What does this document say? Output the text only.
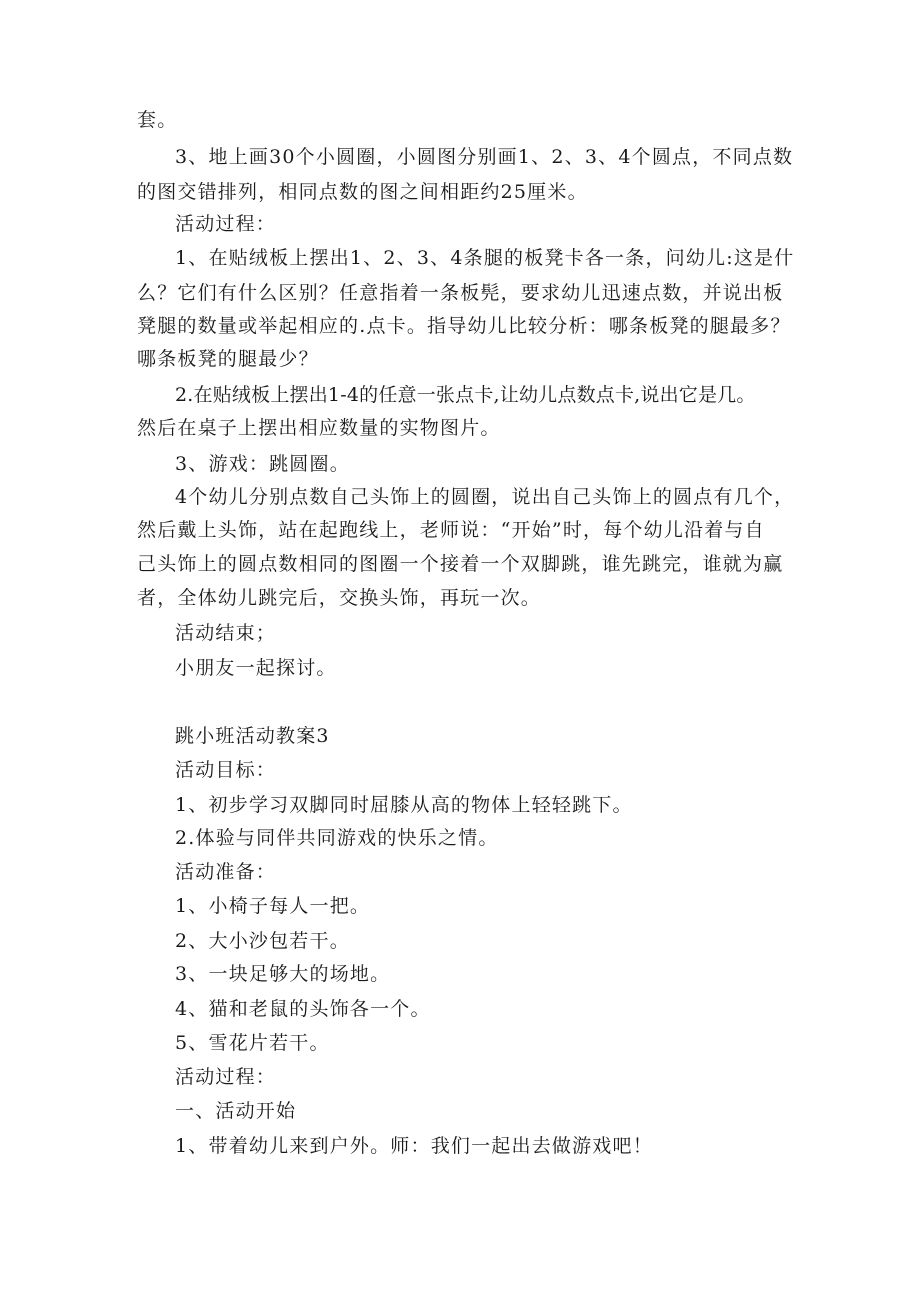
套。
3、地上画30个小圆圈，小圆图分别画1、2、3、4个圆点，不同点数
的图交错排列，相同点数的图之间相距约25厘米。
活动过程：
1、在贴绒板上摆出1、2、3、4条腿的板凳卡各一条，问幼儿:这是什
么？它们有什么区别？任意指着一条板髡，要求幼儿迅速点数，并说出板
凳腿的数量或举起相应的.点卡。指导幼儿比较分析：哪条板凳的腿最多？
哪条板凳的腿最少？
2.在贴绒板上摆出1-4的任意一张点卡,让幼儿点数点卡,说出它是几。
然后在桌子上摆出相应数量的实物图片。
3、游戏：跳圆圈。
4个幼儿分别点数自己头饰上的圆圈，说出自己头饰上的圆点有几个，
然后戴上头饰，站在起跑线上，老师说：“开始”时，每个幼儿沿着与自
己头饰上的圆点数相同的图圈一个接着一个双脚跳，谁先跳完，谁就为赢
者，全体幼儿跳完后，交换头饰，再玩一次。
活动结束；
小朋友一起探讨。
跳小班活动教案3
活动目标：
1、初步学习双脚同时屈膝从高的物体上轻轻跳下。
2.体验与同伴共同游戏的快乐之情。
活动准备：
1、小椅子每人一把。
2、大小沙包若干。
3、一块足够大的场地。
4、猫和老鼠的头饰各一个。
5、雪花片若干。
活动过程：
一、活动开始
1、带着幼儿来到户外。师：我们一起出去做游戏吧！
